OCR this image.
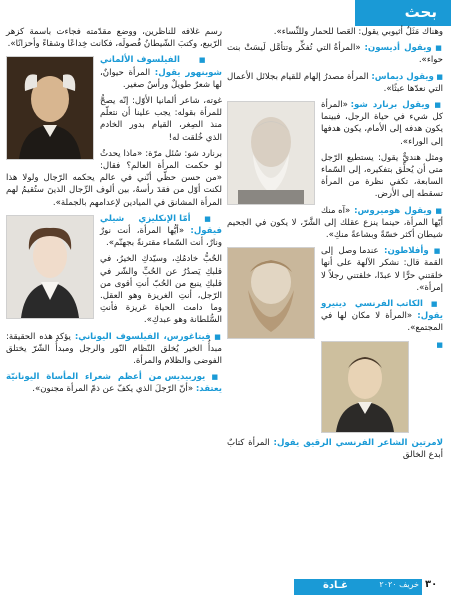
بحث

وهناك مَثَلٌ أثيوبي يقول: العَصا للحمار وللنِّساء».

■ ويقول أديسون: «المرأةُ التي تُفكِّر وتتأمَّل لَيسَتْ بنت حواء».

■ ويقول ديماس: المرأة مصدرُ إلهام للقيام بجلائل الأعمال التي نعدّها عبثًا».

■ ويقول برنارد شو: «المرأة كل شيء في حياة الرجل، فبينما يكون هدفه إلى الأمام، يكون هدفها إلى الوراء».

ومثل هنديٌّ يقول: يستطيع الرّجل متى أن يُحلِّق بتفكيره، إلى السّماء السابعة، تكفي نظرة من المرأة تسقطه إلى الأرض.

■ ويقول هوميروس: «آه منك أيّها المرأة، حينما ينزع عقلك إلى الشَّرّ، لا يكون في الجحيم شيطان أكثر خسّةً وبشاعةً منكِ».

■ وأفلاطون: عندما وصل إلى القمة قال: نشكر الآلهة على أنها خلقتني حرًّا لا عبدًا، خلقتني رجلاً لا إمرأة».

■ الكاتب الفرنسي دينيرو يقول: «المرأة لا مكان لها في المجتمع».

■ لامرتين الشاعر الفرنسي الرقيق يقول: المرأة كتابٌ أبدع الخالق

رسم غلافه للناظرين، ووضع مقدّمته فجاءت باسمة كزهر الرّبيع، وكتبَ الشّيطانُ فُصولَه، فكانت خِداعًا وشقاءً وأحزانًا».

■ الفيلسوف الألماني شوبنهور يقول: المرأة حيوانٌ، لها شعرٌ طويلٌ ورأسٌ صغير.

غوته، شاعر ألمانيا الأوّل: إنّه يصحُّ للمرأة بقوله: يجب علينا أن نتعلّم منذ الصِغر، القيام بدور الخادم الذي خُلقت له!

برنارد شو: سُئل مرّة: «ماذا يحدثُ لو حكمت المرأة العالم؟ فقال: «من حسن حظّي أنّني في عالم يحكمه الرّجال ولولا هذا لكنت أوّل من فقدَ رأسهُ، بين ألوف الرِّجال الذينَ ستُقيمُ لهم المرأة المشانق في الميادين لإعدامهم بالجملة».

■ أمّا الإنكليزي شيلي فيقول: «أيُّها المرأة، أنت نورٌ ونارٌ، أنت السّماء مقترنةً بجهنّم».

الحُبُّ خادمُكِ، وسيّدكِ الخيرُ، في قلبكِ يَصدُرُ عن الحُبِّ والشّر في قلبكِ ينبع من الحُبّ أنتِ أقوى من الرّجل، أنتِ الغريزة وهو العقل. وما دامت الحياة غريزة فأنتِ السُّلطانة وهو عبدكِ».

■ فيتاغورس، الفيلسوف اليوناني: يؤكد هذه الحقيقة: مبدأُ الخير يُخلق النّظام النّور والرجل ومبدأُ الشّرّ يختلق الفوضى والظلام والمرأة.

■ يوربيديس من أعظم شعراء المأساة اليونانيّة يعتقد: «أنّ الرّجلَ الذي يكفّ عن ذمّ المرأة مجنون».

غـادة	خريف ٢٠٢٠ ٣٠
